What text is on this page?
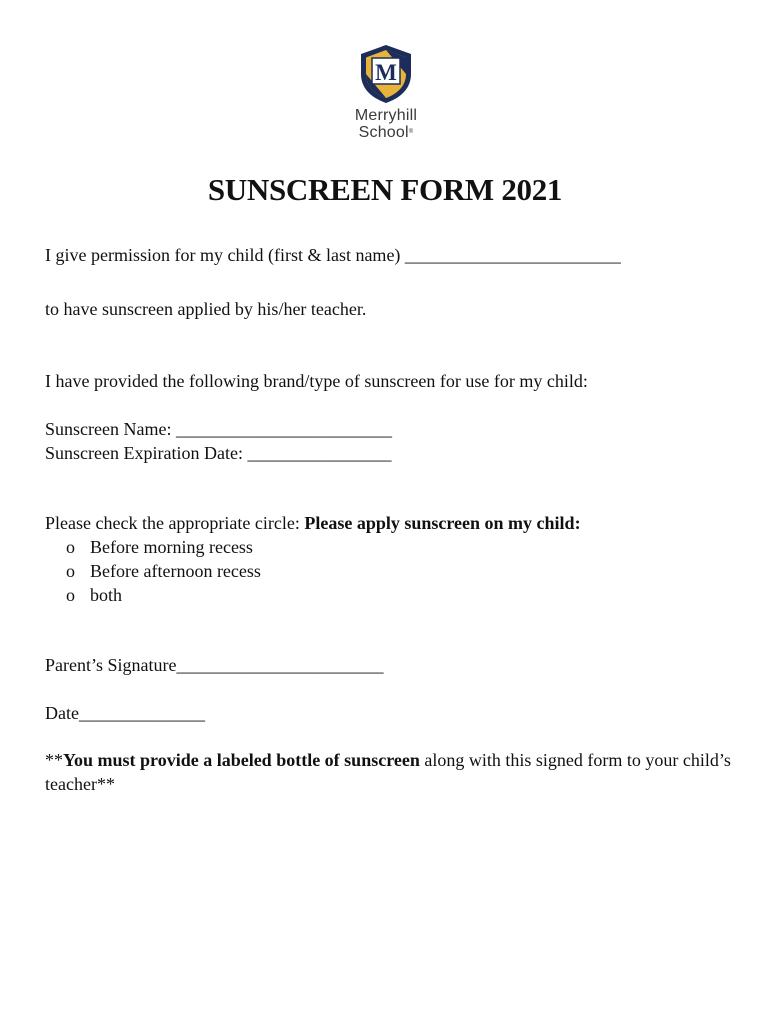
M
Merryhill
School®
SUNSCREEN FORM 2021
I give permission for my child (first & last name) ________________________
to have sunscreen applied by his/her teacher.
I have provided the following brand/type of sunscreen for use for my child:
Sunscreen Name: ________________________
Sunscreen Expiration Date: ________________
Please check the appropriate circle: Please apply sunscreen on my child:
o Before morning recess
o Before afternoon recess
o both
Parent’s Signature_______________________
Date______________
**You must provide a labeled bottle of sunscreen along with this signed form to your child’s teacher**
